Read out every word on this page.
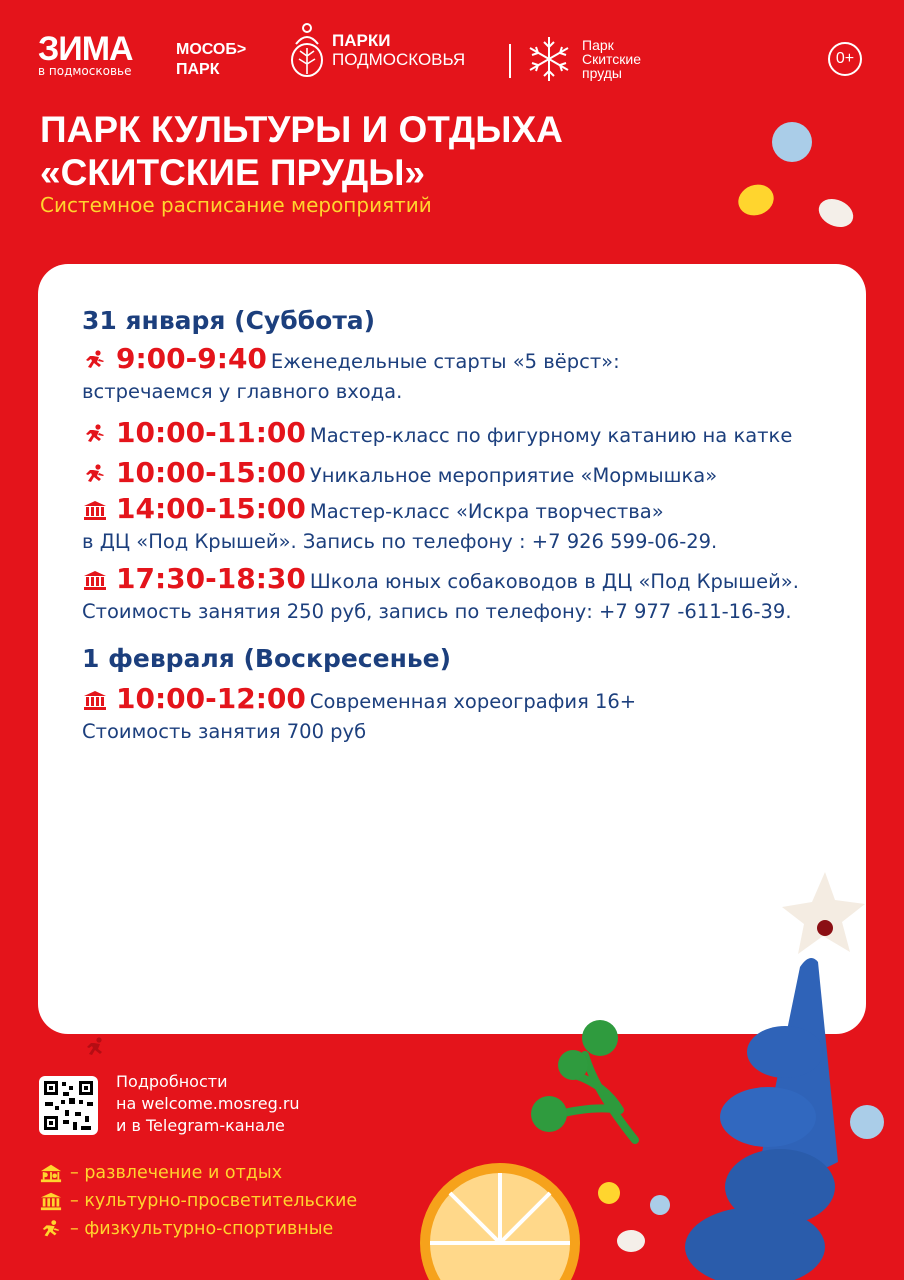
ЗИМА
в подмосковье
МОСОБ>
ПАРК
ПАРКИ
ПОДМОСКОВЬЯ
Парк
Скитские
пруды
0+
ПАРК КУЛЬТУРЫ И ОТДЫХА
«СКИТСКИЕ ПРУДЫ»
Системное расписание мероприятий
31 января (Суббота)
9:00-9:40 Еженедельные старты «5 вёрст»:
встречаемся у главного входа.
10:00-11:00 Мастер-класс по фигурному катанию на катке
10:00-15:00 Уникальное мероприятие «Мормышка»
14:00-15:00 Мастер-класс «Искра творчества»
в ДЦ «Под Крышей». Запись по телефону : +7 926 599-06-29.
17:30-18:30 Школа юных собаководов в ДЦ «Под Крышей».
Стоимость занятия 250 руб, запись по телефону: +7 977 -611-16-39.
1 февраля (Воскресенье)
10:00-12:00 Современная хореография 16+
Стоимость занятия 700 руб
Подробности
на welcome.mosreg.ru
и в Telegram-канале
– развлечение и отдых
– культурно-просветительские
– физкультурно-спортивные
